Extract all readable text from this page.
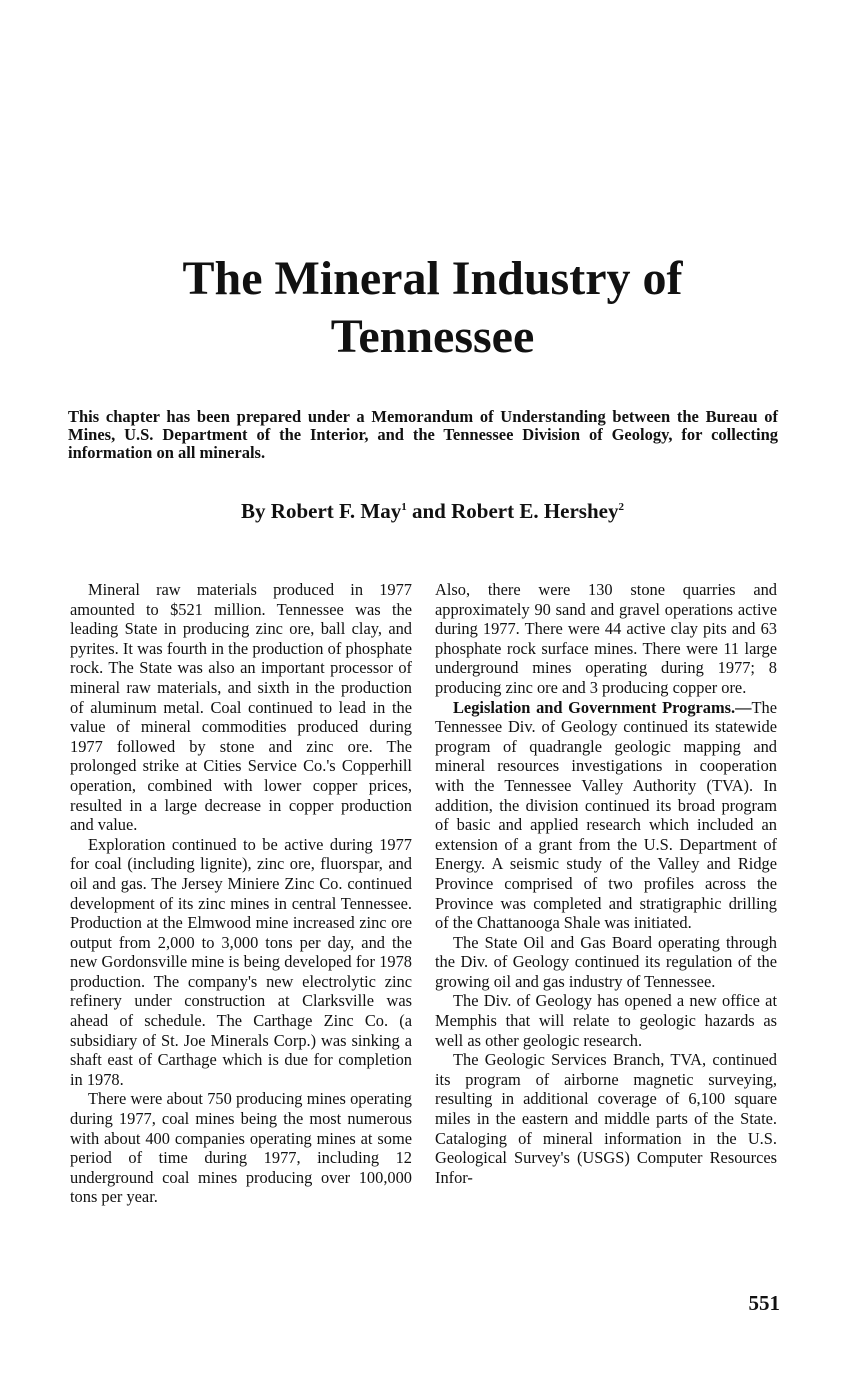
The Mineral Industry of
Tennessee

This chapter has been prepared under a Memorandum of Understanding between the Bureau of Mines, U.S. Department of the Interior, and the Tennessee Division of Geology, for collecting information on all minerals.

By Robert F. May$^1$ and Robert E. Hershey$^2$

Mineral raw materials produced in 1977 amounted to $521 million. Tennessee was the leading State in producing zinc ore, ball clay, and pyrites. It was fourth in the production of phosphate rock. The State was also an important processor of mineral raw materials, and sixth in the production of aluminum metal. Coal continued to lead in the value of mineral commodities produced during 1977 followed by stone and zinc ore. The prolonged strike at Cities Service Co.'s Copperhill operation, combined with lower copper prices, resulted in a large decrease in copper production and value.

Exploration continued to be active during 1977 for coal (including lignite), zinc ore, fluorspar, and oil and gas. The Jersey Miniere Zinc Co. continued development of its zinc mines in central Tennessee. Production at the Elmwood mine increased zinc ore output from 2,000 to 3,000 tons per day, and the new Gordonsville mine is being developed for 1978 production. The company's new electrolytic zinc refinery under construction at Clarksville was ahead of schedule. The Carthage Zinc Co. (a subsidiary of St. Joe Minerals Corp.) was sinking a shaft east of Carthage which is due for completion in 1978.

There were about 750 producing mines operating during 1977, coal mines being the most numerous with about 400 companies operating mines at some period of time during 1977, including 12 underground coal mines producing over 100,000 tons per year.

Also, there were 130 stone quarries and approximately 90 sand and gravel operations active during 1977. There were 44 active clay pits and 63 phosphate rock surface mines. There were 11 large underground mines operating during 1977; 8 producing zinc ore and 3 producing copper ore.

Legislation and Government Programs.—The Tennessee Div. of Geology continued its statewide program of quadrangle geologic mapping and mineral resources investigations in cooperation with the Tennessee Valley Authority (TVA). In addition, the division continued its broad program of basic and applied research which included an extension of a grant from the U.S. Department of Energy. A seismic study of the Valley and Ridge Province comprised of two profiles across the Province was completed and stratigraphic drilling of the Chattanooga Shale was initiated.

The State Oil and Gas Board operating through the Div. of Geology continued its regulation of the growing oil and gas industry of Tennessee.

The Div. of Geology has opened a new office at Memphis that will relate to geologic hazards as well as other geologic research.

The Geologic Services Branch, TVA, continued its program of airborne magnetic surveying, resulting in additional coverage of 6,100 square miles in the eastern and middle parts of the State. Cataloging of mineral information in the U.S. Geological Survey's (USGS) Computer Resources Infor-

551
